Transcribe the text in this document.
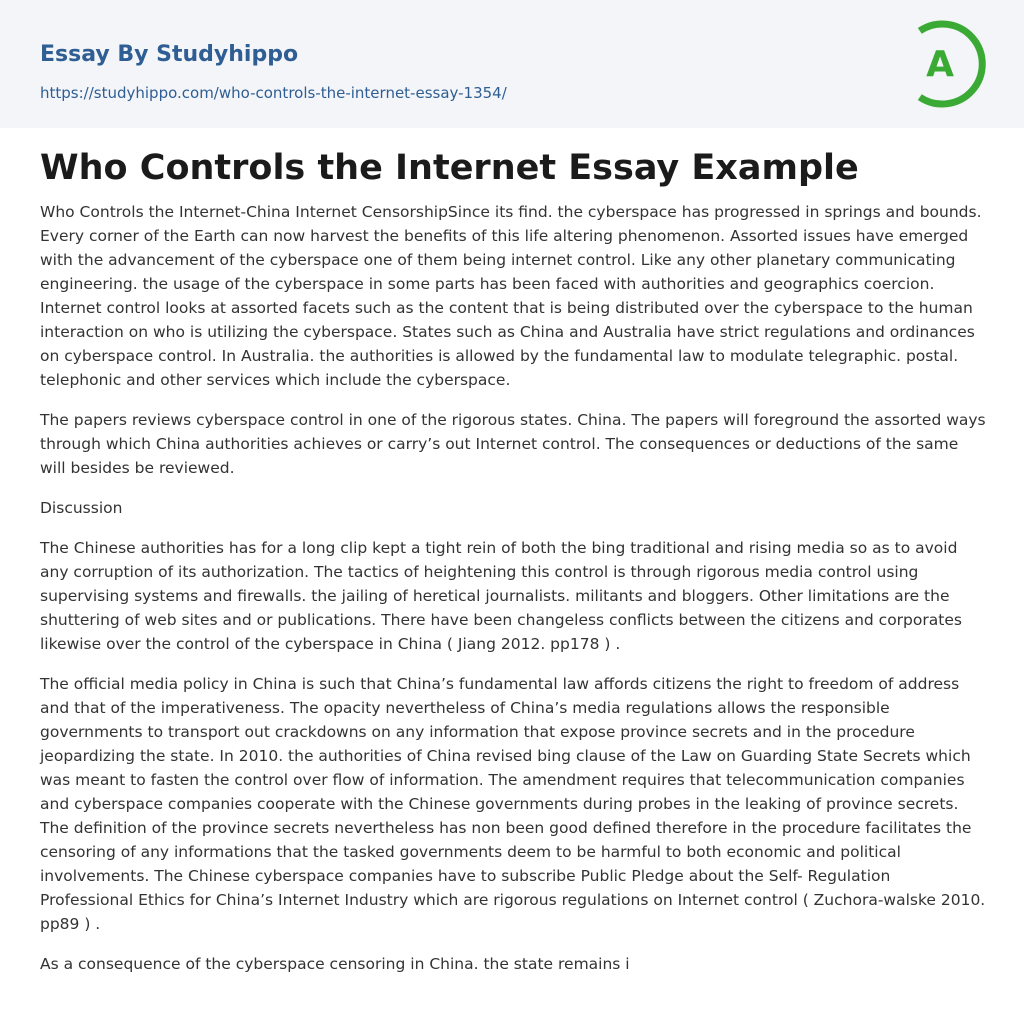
Essay By Studyhippo
https://studyhippo.com/who-controls-the-internet-essay-1354/
A
Who Controls the Internet Essay Example

Who Controls the Internet-China Internet CensorshipSince its find. the cyberspace has progressed in springs and bounds. Every corner of the Earth can now harvest the benefits of this life altering phenomenon. Assorted issues have emerged with the advancement of the cyberspace one of them being internet control. Like any other planetary communicating engineering. the usage of the cyberspace in some parts has been faced with authorities and geographics coercion. Internet control looks at assorted facets such as the content that is being distributed over the cyberspace to the human interaction on who is utilizing the cyberspace. States such as China and Australia have strict regulations and ordinances on cyberspace control. In Australia. the authorities is allowed by the fundamental law to modulate telegraphic. postal. telephonic and other services which include the cyberspace.

The papers reviews cyberspace control in one of the rigorous states. China. The papers will foreground the assorted ways through which China authorities achieves or carry’s out Internet control. The consequences or deductions of the same will besides be reviewed.

Discussion

The Chinese authorities has for a long clip kept a tight rein of both the bing traditional and rising media so as to avoid any corruption of its authorization. The tactics of heightening this control is through rigorous media control using supervising systems and firewalls. the jailing of heretical journalists. militants and bloggers. Other limitations are the shuttering of web sites and or publications. There have been changeless conflicts between the citizens and corporates likewise over the control of the cyberspace in China ( Jiang 2012. pp178 ) .

The official media policy in China is such that China’s fundamental law affords citizens the right to freedom of address and that of the imperativeness. The opacity nevertheless of China’s media regulations allows the responsible governments to transport out crackdowns on any information that expose province secrets and in the procedure jeopardizing the state. In 2010. the authorities of China revised bing clause of the Law on Guarding State Secrets which was meant to fasten the control over flow of information. The amendment requires that telecommunication companies and cyberspace companies cooperate with the Chinese governments during probes in the leaking of province secrets. The definition of the province secrets nevertheless has non been good defined therefore in the procedure facilitates the censoring of any informations that the tasked governments deem to be harmful to both economic and political involvements. The Chinese cyberspace companies have to subscribe Public Pledge about the Self- Regulation Professional Ethics for China’s Internet Industry which are rigorous regulations on Internet control ( Zuchora-walske 2010. pp89 ) .

As a consequence of the cyberspace censoring in China. the state remains i
